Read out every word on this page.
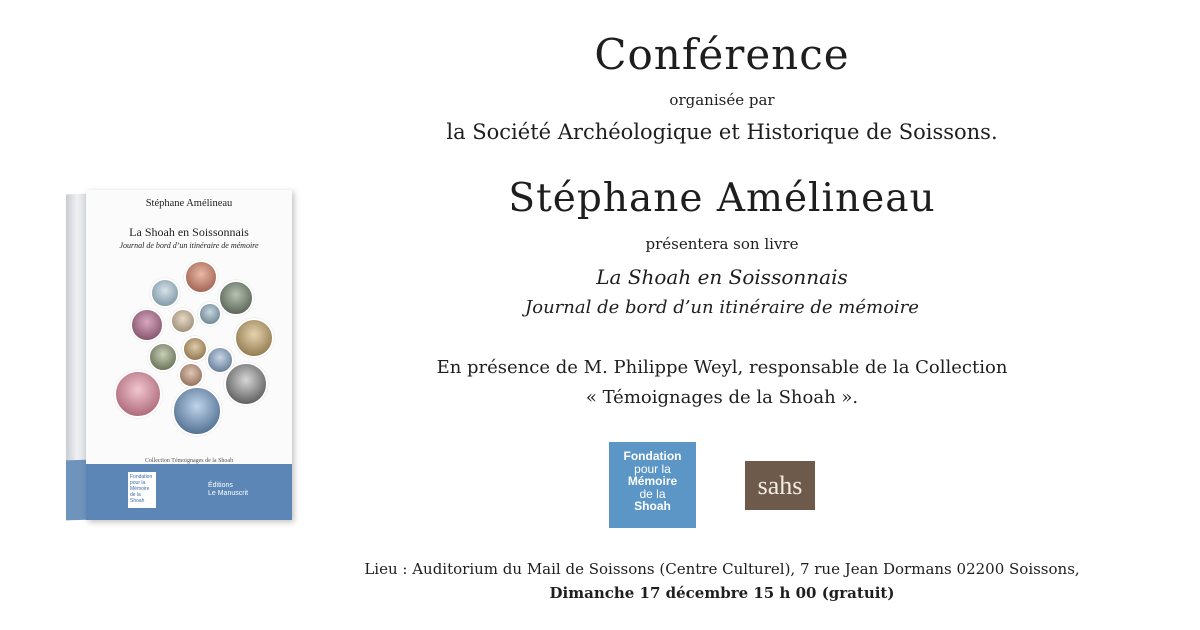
Stéphane Amélineau
La Shoah en Soissonnais
Journal de bord d’un itinéraire de mémoire
Collection Témoignages de la Shoah
Fondation pour la Mémoire de la Shoah
Éditions
Le Manuscrit
Conférence

organisée par

la Société Archéologique et Historique de Soissons.

Stéphane Amélineau

présentera son livre

La Shoah en Soissonnais

Journal de bord d’un itinéraire de mémoire

En présence de M. Philippe Weyl, responsable de la Collection

« Témoignages de la Shoah ».

Fondation
pour la
Mémoire
de la
Shoah
sahs

Lieu : Auditorium du Mail de Soissons (Centre Culturel), 7 rue Jean Dormans 02200 Soissons,

Dimanche 17 décembre 15 h 00 (gratuit)
